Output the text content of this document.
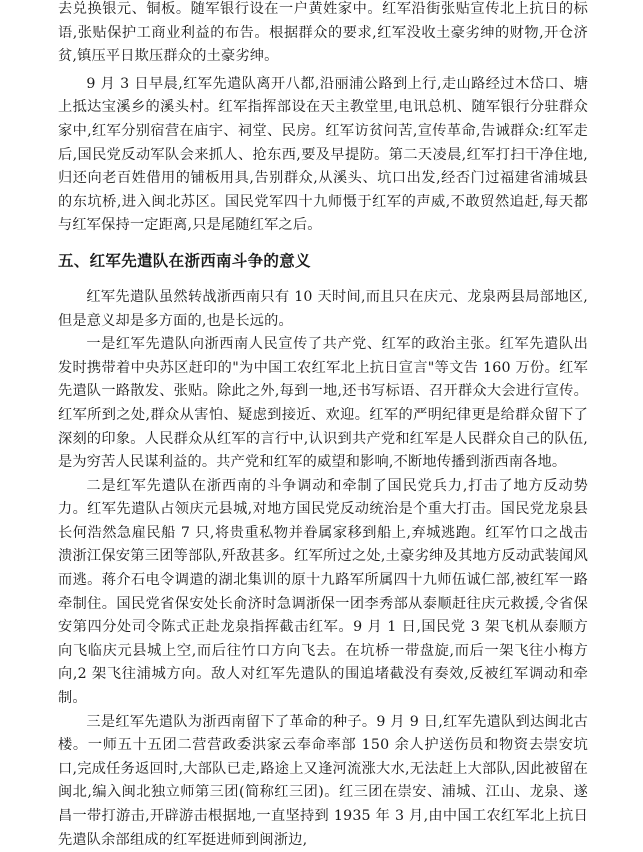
去兑换银元、铜板。随军银行设在一户黄姓家中。红军沿街张贴宣传北上抗日的标语,张贴保护工商业利益的布告。根据群众的要求,红军没收土豪劣绅的财物,开仓济贫,镇压平日欺压群众的土豪劣绅。

9 月 3 日早晨,红军先遣队离开八都,沿丽浦公路到上行,走山路经过木岱口、塘上抵达宝溪乡的溪头村。红军指挥部设在天主教堂里,电讯总机、随军银行分驻群众家中,红军分别宿营在庙宇、祠堂、民房。红军访贫问苦,宣传革命,告诫群众:红军走后,国民党反动军队会来抓人、抢东西,要及早提防。第二天凌晨,红军打扫干净住地,归还向老百姓借用的铺板用具,告别群众,从溪头、坑口出发,经否门过福建省浦城县的东坑桥,进入闽北苏区。国民党军四十九师慑于红军的声威,不敢贸然追赶,每天都与红军保持一定距离,只是尾随红军之后。

五、红军先遣队在浙西南斗争的意义

红军先遣队虽然转战浙西南只有 10 天时间,而且只在庆元、龙泉两县局部地区,但是意义却是多方面的,也是长远的。

一是红军先遣队向浙西南人民宣传了共产党、红军的政治主张。红军先遣队出发时携带着中央苏区赶印的"为中国工农红军北上抗日宣言"等文告 160 万份。红军先遣队一路散发、张贴。除此之外,每到一地,还书写标语、召开群众大会进行宣传。红军所到之处,群众从害怕、疑虑到接近、欢迎。红军的严明纪律更是给群众留下了深刻的印象。人民群众从红军的言行中,认识到共产党和红军是人民群众自己的队伍,是为穷苦人民谋利益的。共产党和红军的威望和影响,不断地传播到浙西南各地。

二是红军先遣队在浙西南的斗争调动和牵制了国民党兵力,打击了地方反动势力。红军先遣队占领庆元县城,对地方国民党反动统治是个重大打击。国民党龙泉县长何浩然急雇民船 7 只,将贵重私物并眷属家移到船上,弃城逃跑。红军竹口之战击溃浙江保安第三团等部队,歼敌甚多。红军所过之处,土豪劣绅及其地方反动武装闻风而逃。蒋介石电令调遣的湖北集训的原十九路军所属四十九师伍诚仁部,被红军一路牵制住。国民党省保安处长俞济时急调浙保一团李秀部从泰顺赶往庆元救援,令省保安第四分处司令陈式正赴龙泉指挥截击红军。9 月 1 日,国民党 3 架飞机从泰顺方向飞临庆元县城上空,而后往竹口方向飞去。在坑桥一带盘旋,而后一架飞往小梅方向,2 架飞往浦城方向。敌人对红军先遣队的围追堵截没有奏效,反被红军调动和牵制。

三是红军先遣队为浙西南留下了革命的种子。9 月 9 日,红军先遣队到达闽北古楼。一师五十五团二营营政委洪家云奉命率部 150 余人护送伤员和物资去崇安坑口,完成任务返回时,大部队已走,路途上又逢河流涨大水,无法赶上大部队,因此被留在闽北,编入闽北独立师第三团(简称红三团)。红三团在崇安、浦城、江山、龙泉、遂昌一带打游击,开辟游击根据地,一直坚持到 1935 年 3 月,由中国工农红军北上抗日先遣队余部组成的红军挺进师到闽浙边,
